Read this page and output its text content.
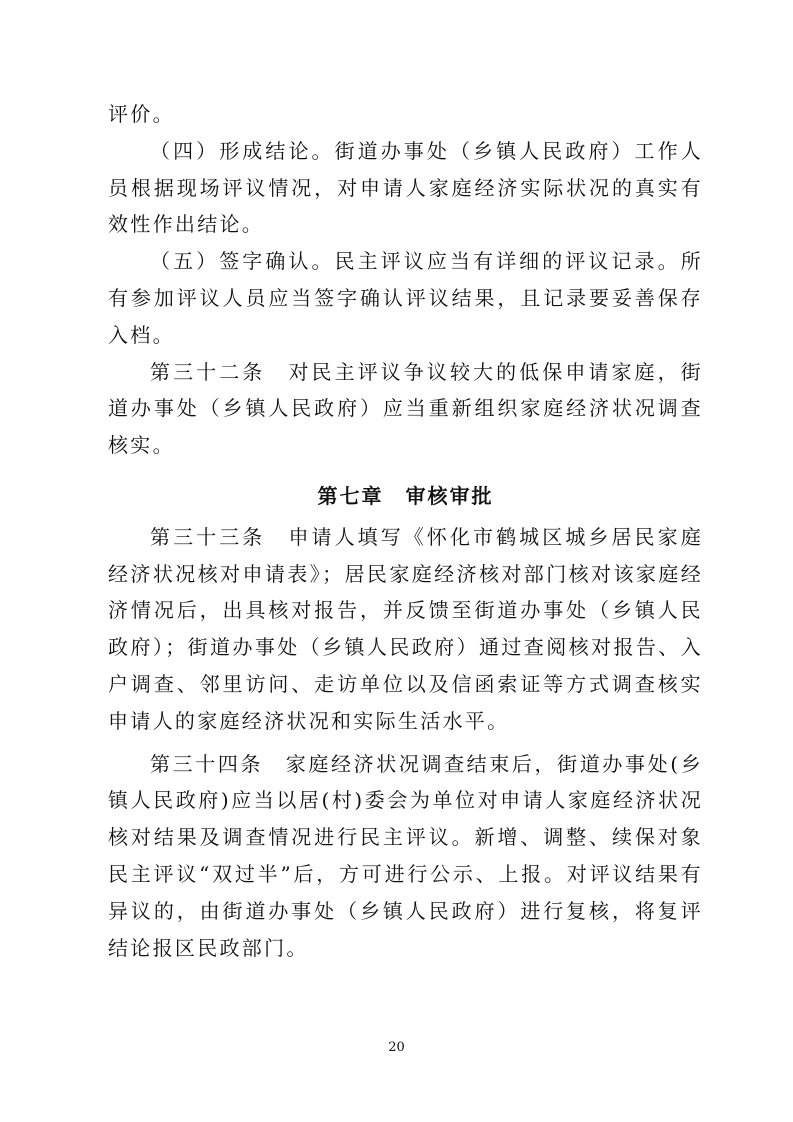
评价。

（四）形成结论。街道办事处（乡镇人民政府）工作人员根据现场评议情况，对申请人家庭经济实际状况的真实有效性作出结论。

（五）签字确认。民主评议应当有详细的评议记录。所有参加评议人员应当签字确认评议结果，且记录要妥善保存入档。

第三十二条　对民主评议争议较大的低保申请家庭，街道办事处（乡镇人民政府）应当重新组织家庭经济状况调查核实。

第七章　审核审批

第三十三条　申请人填写《怀化市鹤城区城乡居民家庭经济状况核对申请表》；居民家庭经济核对部门核对该家庭经济情况后，出具核对报告，并反馈至街道办事处（乡镇人民政府）；街道办事处（乡镇人民政府）通过查阅核对报告、入户调查、邻里访问、走访单位以及信函索证等方式调查核实申请人的家庭经济状况和实际生活水平。

第三十四条　家庭经济状况调查结束后，街道办事处(乡镇人民政府)应当以居(村)委会为单位对申请人家庭经济状况核对结果及调查情况进行民主评议。新增、调整、续保对象民主评议“双过半”后，方可进行公示、上报。对评议结果有异议的，由街道办事处（乡镇人民政府）进行复核，将复评结论报区民政部门。

20
